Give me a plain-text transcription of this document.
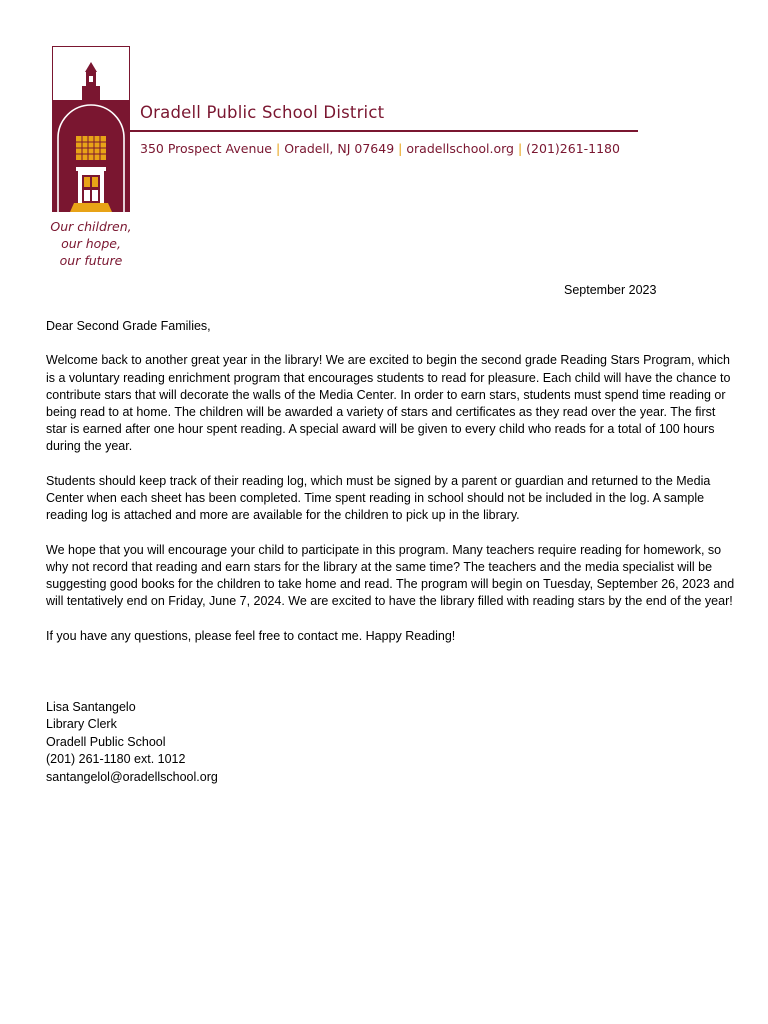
Our children,
our hope,
our future
Oradell Public School District
350 Prospect Avenue | Oradell, NJ 07649 | oradellschool.org | (201)261-1180
September 2023

Dear Second Grade Families,

Welcome back to another great year in the library! We are excited to begin the second grade Reading Stars Program, which is a voluntary reading enrichment program that encourages students to read for pleasure. Each child will have the chance to contribute stars that will decorate the walls of the Media Center. In order to earn stars, students must spend time reading or being read to at home. The children will be awarded a variety of stars and certificates as they read over the year. The first star is earned after one hour spent reading. A special award will be given to every child who reads for a total of 100 hours during the year.

Students should keep track of their reading log, which must be signed by a parent or guardian and returned to the Media Center when each sheet has been completed. Time spent reading in school should not be included in the log. A sample reading log is attached and more are available for the children to pick up in the library.

We hope that you will encourage your child to participate in this program. Many teachers require reading for homework, so why not record that reading and earn stars for the library at the same time? The teachers and the media specialist will be suggesting good books for the children to take home and read. The program will begin on Tuesday, September 26, 2023 and will tentatively end on Friday, June 7, 2024. We are excited to have the library filled with reading stars by the end of the year!

If you have any questions, please feel free to contact me. Happy Reading!

Lisa Santangelo
Library Clerk
Oradell Public School
(201) 261-1180 ext. 1012
santangelol@oradellschool.org
